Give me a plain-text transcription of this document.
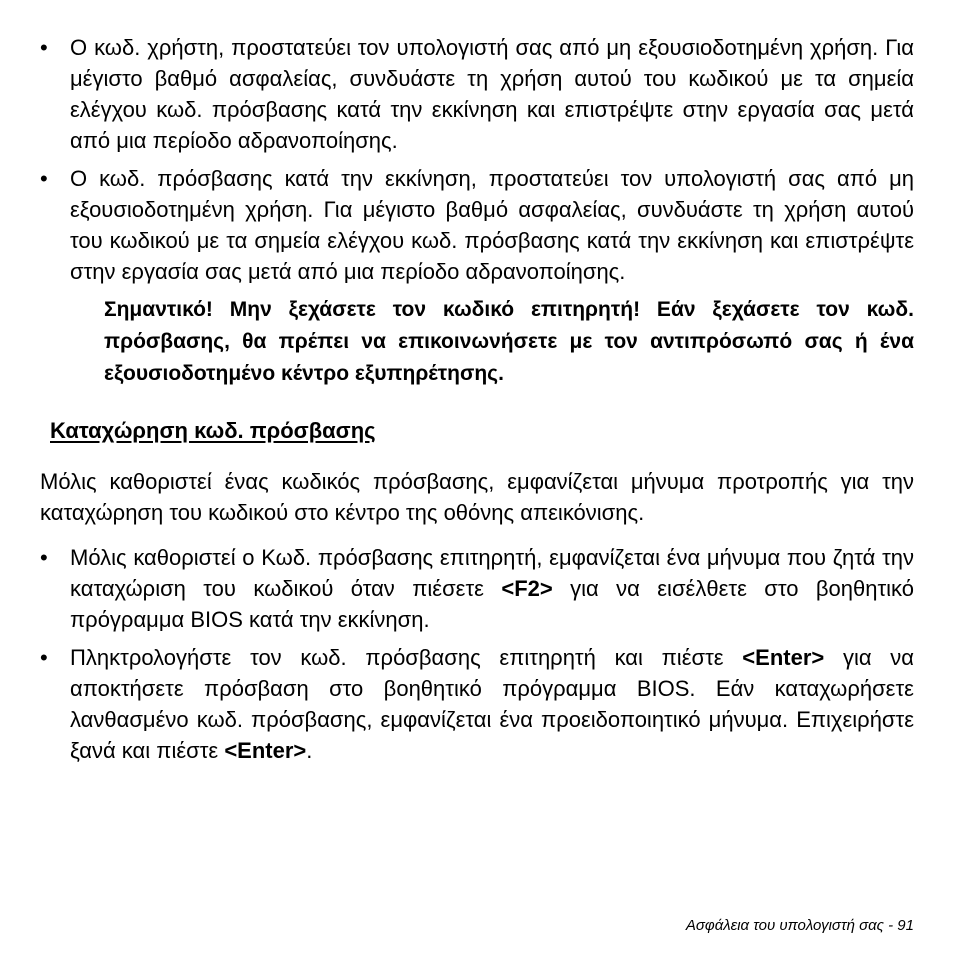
•	Ο κωδ. χρήστη, προστατεύει τον υπολογιστή σας από μη εξουσιοδοτημένη χρήση. Για μέγιστο βαθμό ασφαλείας, συνδυάστε τη χρήση αυτού του κωδικού με τα σημεία ελέγχου κωδ. πρόσβασης κατά την εκκίνηση και επιστρέψτε στην εργασία σας μετά από μια περίοδο αδρανοποίησης.
•	Ο κωδ. πρόσβασης κατά την εκκίνηση, προστατεύει τον υπολογιστή σας από μη εξουσιοδοτημένη χρήση. Για μέγιστο βαθμό ασφαλείας, συνδυάστε τη χρήση αυτού του κωδικού με τα σημεία ελέγχου κωδ. πρόσβασης κατά την εκκίνηση και επιστρέψτε στην εργασία σας μετά από μια περίοδο αδρανοποίησης.
Σημαντικό! Μην ξεχάσετε τον κωδικό επιτηρητή! Εάν ξεχάσετε τον κωδ. πρόσβασης, θα πρέπει να επικοινωνήσετε με τον αντιπρόσωπό σας ή ένα εξουσιοδοτημένο κέντρο εξυπηρέτησης.
Καταχώρηση κωδ. πρόσβασης
Μόλις καθοριστεί ένας κωδικός πρόσβασης, εμφανίζεται μήνυμα προτροπής για την καταχώρηση του κωδικού στο κέντρο της οθόνης απεικόνισης.
•	Μόλις καθοριστεί ο Κωδ. πρόσβασης επιτηρητή, εμφανίζεται ένα μήνυμα που ζητά την καταχώριση του κωδικού όταν πιέσετε <F2> για να εισέλθετε στο βοηθητικό πρόγραμμα BIOS κατά την εκκίνηση.
•	Πληκτρολογήστε τον κωδ. πρόσβασης επιτηρητή και πιέστε <Enter> για να αποκτήσετε πρόσβαση στο βοηθητικό πρόγραμμα BIOS. Εάν καταχωρήσετε λανθασμένο κωδ. πρόσβασης, εμφανίζεται ένα προειδοποιητικό μήνυμα. Επιχειρήστε ξανά και πιέστε <Enter>.
Ασφάλεια του υπολογιστή σας - 91
